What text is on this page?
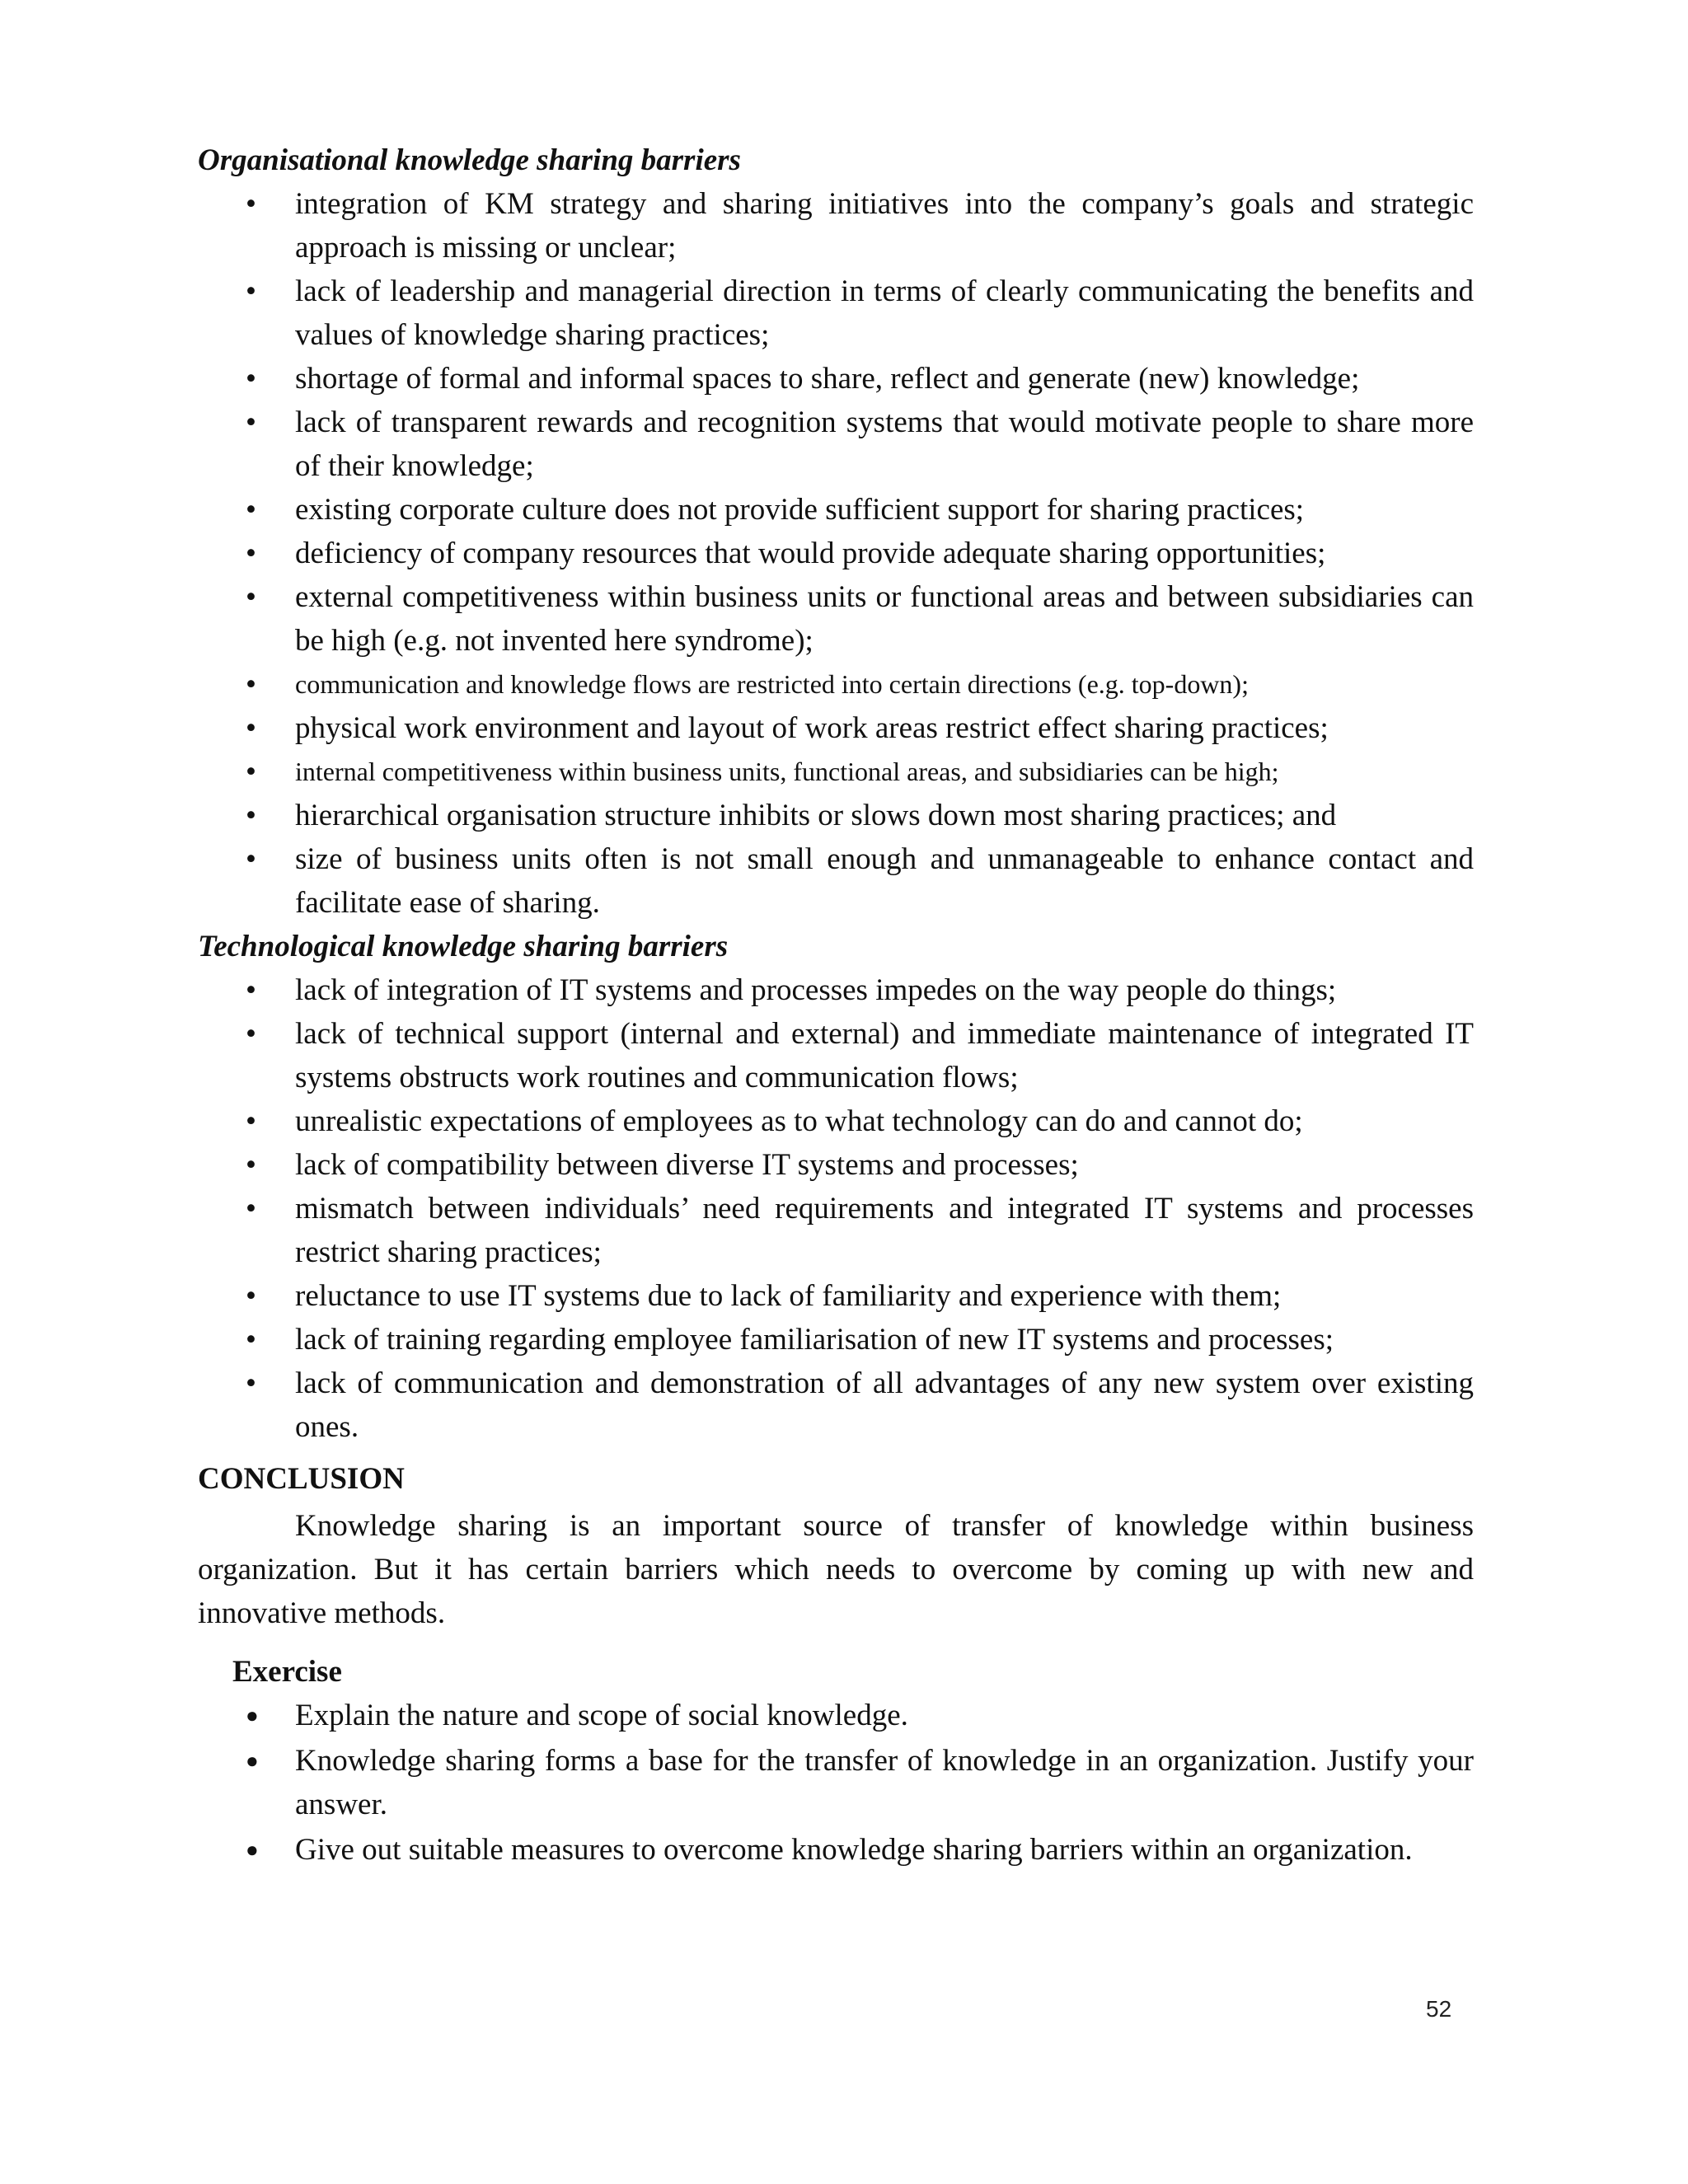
Organisational knowledge sharing barriers
• integration of KM strategy and sharing initiatives into the company’s goals and strategic approach is missing or unclear;
• lack of leadership and managerial direction in terms of clearly communicating the benefits and values of knowledge sharing practices;
• shortage of formal and informal spaces to share, reflect and generate (new) knowledge;
• lack of transparent rewards and recognition systems that would motivate people to share more of their knowledge;
• existing corporate culture does not provide sufficient support for sharing practices;
• deficiency of company resources that would provide adequate sharing opportunities;
• external competitiveness within business units or functional areas and between subsidiaries can be high (e.g. not invented here syndrome);
• communication and knowledge flows are restricted into certain directions (e.g. top-down);
• physical work environment and layout of work areas restrict effect sharing practices;
• internal competitiveness within business units, functional areas, and subsidiaries can be high;
• hierarchical organisation structure inhibits or slows down most sharing practices; and
• size of business units often is not small enough and unmanageable to enhance contact and facilitate ease of sharing.
Technological knowledge sharing barriers
• lack of integration of IT systems and processes impedes on the way people do things;
• lack of technical support (internal and external) and immediate maintenance of integrated IT systems obstructs work routines and communication flows;
• unrealistic expectations of employees as to what technology can do and cannot do;
• lack of compatibility between diverse IT systems and processes;
• mismatch between individuals’ need requirements and integrated IT systems and processes restrict sharing practices;
• reluctance to use IT systems due to lack of familiarity and experience with them;
• lack of training regarding employee familiarisation of new IT systems and processes;
• lack of communication and demonstration of all advantages of any new system over existing ones.
CONCLUSION

Knowledge sharing is an important source of transfer of knowledge within business organization. But it has certain barriers which needs to overcome by coming up with new and innovative methods.

Exercise
● Explain the nature and scope of social knowledge.
● Knowledge sharing forms a base for the transfer of knowledge in an organization. Justify your answer.
● Give out suitable measures to overcome knowledge sharing barriers within an organization.
52
